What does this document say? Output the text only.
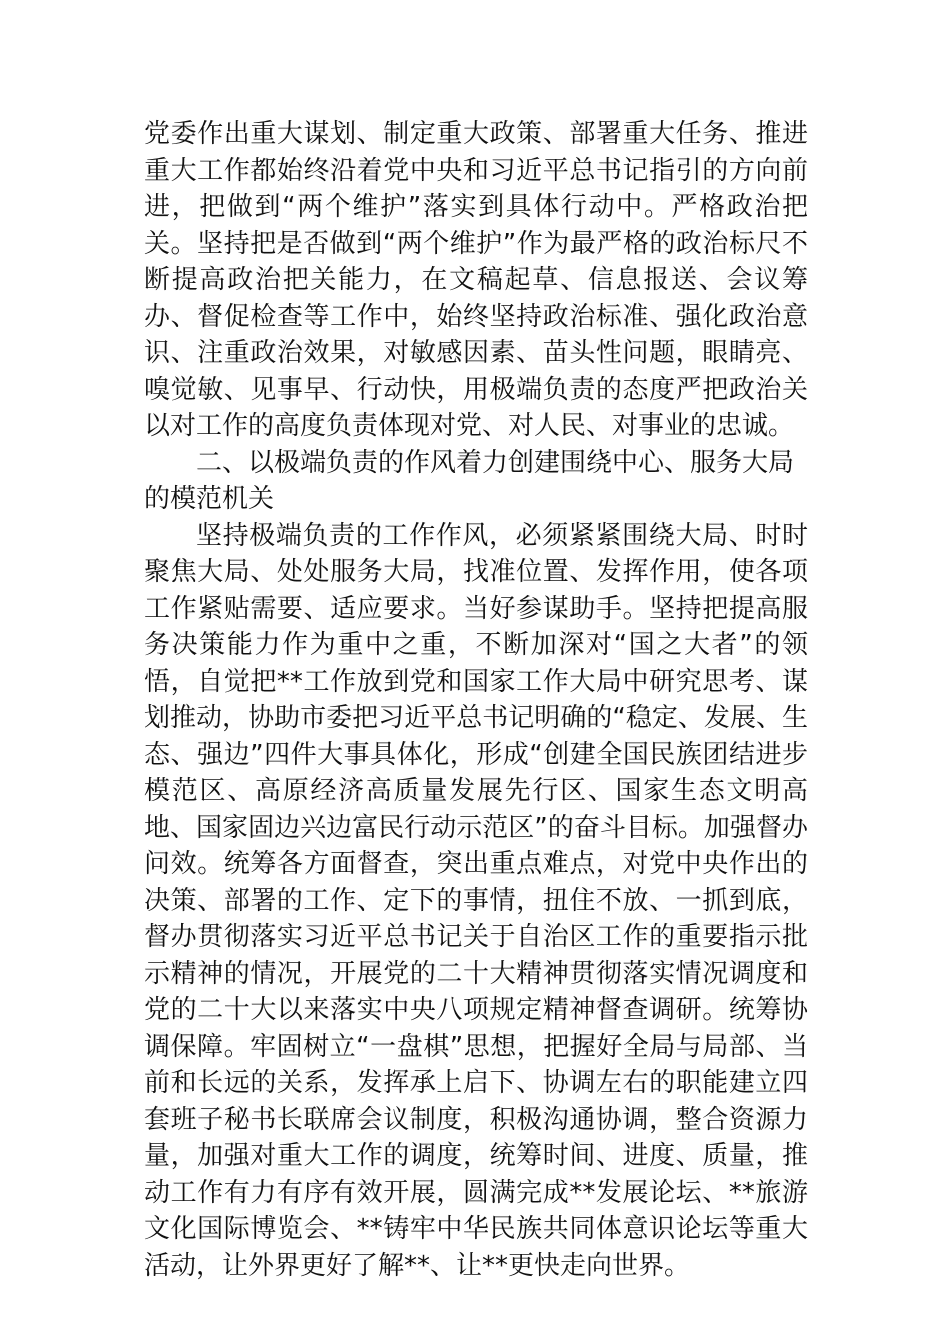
党委作出重大谋划、制定重大政策、部署重大任务、推进重大工作都始终沿着党中央和习近平总书记指引的方向前进，把做到“两个维护”落实到具体行动中。严格政治把关。坚持把是否做到“两个维护”作为最严格的政治标尺不断提高政治把关能力，在文稿起草、信息报送、会议筹办、督促检查等工作中，始终坚持政治标准、强化政治意识、注重政治效果，对敏感因素、苗头性问题，眼睛亮、嗅觉敏、见事早、行动快，用极端负责的态度严把政治关以对工作的高度负责体现对党、对人民、对事业的忠诚。

二、以极端负责的作风着力创建围绕中心、服务大局的模范机关

坚持极端负责的工作作风，必须紧紧围绕大局、时时聚焦大局、处处服务大局，找准位置、发挥作用，使各项工作紧贴需要、适应要求。当好参谋助手。坚持把提高服务决策能力作为重中之重，不断加深对“国之大者”的领悟，自觉把**工作放到党和国家工作大局中研究思考、谋划推动，协助市委把习近平总书记明确的“稳定、发展、生态、强边”四件大事具体化，形成“创建全国民族团结进步模范区、高原经济高质量发展先行区、国家生态文明高地、国家固边兴边富民行动示范区”的奋斗目标。加强督办问效。统筹各方面督查，突出重点难点，对党中央作出的决策、部署的工作、定下的事情，扭住不放、一抓到底，督办贯彻落实习近平总书记关于自治区工作的重要指示批示精神的情况，开展党的二十大精神贯彻落实情况调度和党的二十大以来落实中央八项规定精神督查调研。统筹协调保障。牢固树立“一盘棋”思想，把握好全局与局部、当前和长远的关系，发挥承上启下、协调左右的职能建立四套班子秘书长联席会议制度，积极沟通协调，整合资源力量，加强对重大工作的调度，统筹时间、进度、质量，推动工作有力有序有效开展，圆满完成**发展论坛、**旅游文化国际博览会、**铸牢中华民族共同体意识论坛等重大活动，让外界更好了解**、让**更快走向世界。
